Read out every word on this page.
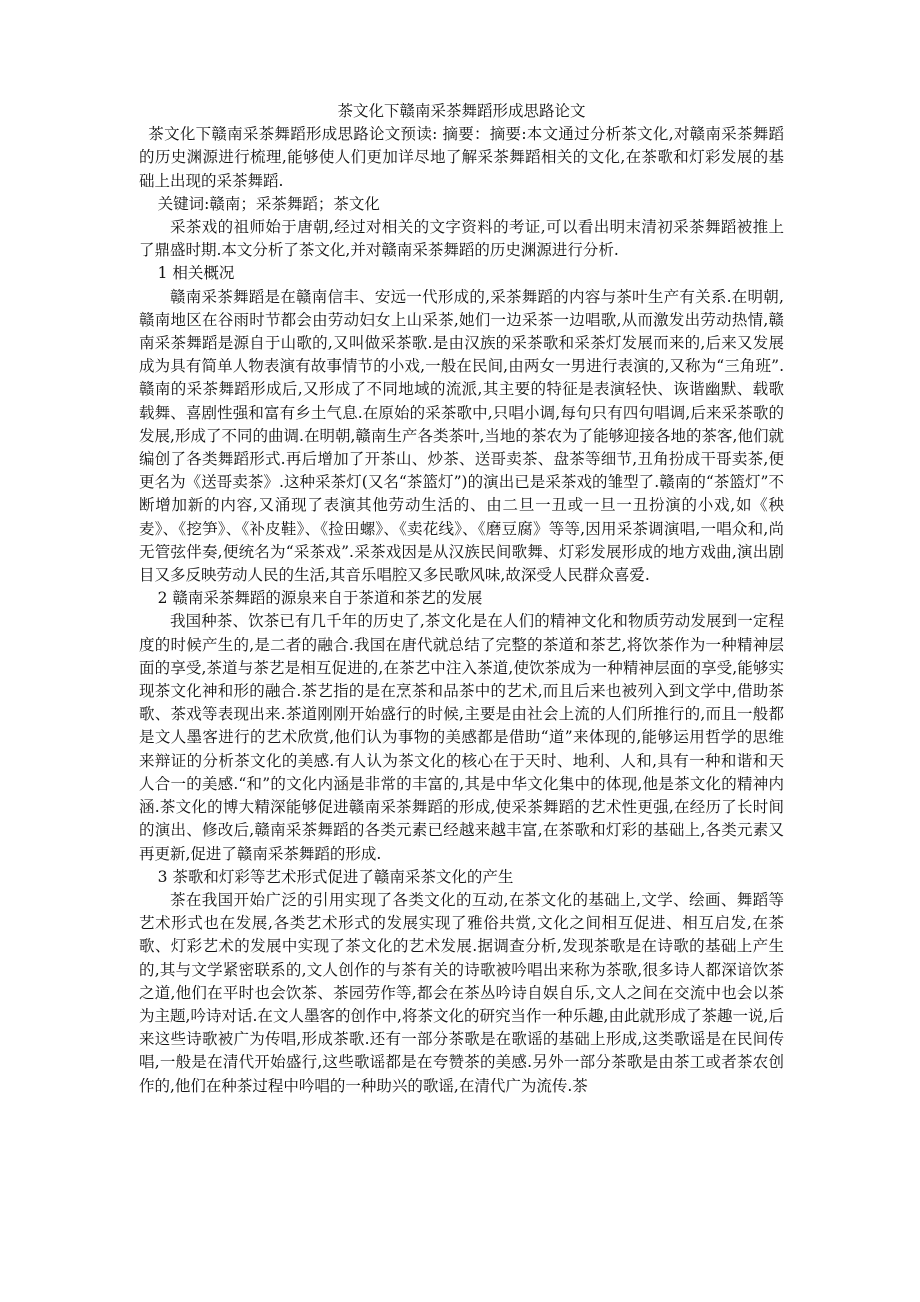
茶文化下赣南采茶舞蹈形成思路论文

茶文化下赣南采茶舞蹈形成思路论文预读: 摘要：摘要:本文通过分析茶文化,对赣南采茶舞蹈的历史渊源进行梳理,能够使人们更加详尽地了解采茶舞蹈相关的文化,在茶歌和灯彩发展的基础上出现的采茶舞蹈.

关键词:赣南；采茶舞蹈；茶文化

采茶戏的祖师始于唐朝,经过对相关的文字资料的考证,可以看出明末清初采茶舞蹈被推上了鼎盛时期.本文分析了茶文化,并对赣南采茶舞蹈的历史渊源进行分析.

1 相关概况

赣南采茶舞蹈是在赣南信丰、安远一代形成的,采茶舞蹈的内容与茶叶生产有关系.在明朝,赣南地区在谷雨时节都会由劳动妇女上山采茶,她们一边采茶一边唱歌,从而激发出劳动热情,赣南采茶舞蹈是源自于山歌的,又叫做采茶歌.是由汉族的采茶歌和采茶灯发展而来的,后来又发展成为具有简单人物表演有故事情节的小戏,一般在民间,由两女一男进行表演的,又称为“三角班”.赣南的采茶舞蹈形成后,又形成了不同地域的流派,其主要的特征是表演轻快、诙谐幽默、载歌载舞、喜剧性强和富有乡土气息.在原始的采茶歌中,只唱小调,每句只有四句唱调,后来采茶歌的发展,形成了不同的曲调.在明朝,赣南生产各类茶叶,当地的茶农为了能够迎接各地的茶客,他们就编创了各类舞蹈形式.再后增加了开茶山、炒茶、送哥卖茶、盘茶等细节,丑角扮成干哥卖茶,便更名为《送哥卖茶》.这种采茶灯(又名“茶篮灯”)的演出已是采茶戏的雏型了.赣南的“茶篮灯”不断增加新的内容,又涌现了表演其他劳动生活的、由二旦一丑或一旦一丑扮演的小戏,如《秧麦》、《挖笋》、《补皮鞋》、《捡田螺》、《卖花线》、《磨豆腐》等等,因用采茶调演唱,一唱众和,尚无管弦伴奏,便统名为“采茶戏”.采茶戏因是从汉族民间歌舞、灯彩发展形成的地方戏曲,演出剧目又多反映劳动人民的生活,其音乐唱腔又多民歌风味,故深受人民群众喜爱.

2 赣南采茶舞蹈的源泉来自于茶道和茶艺的发展

我国种茶、饮茶已有几千年的历史了,茶文化是在人们的精神文化和物质劳动发展到一定程度的时候产生的,是二者的融合.我国在唐代就总结了完整的茶道和茶艺,将饮茶作为一种精神层面的享受,茶道与茶艺是相互促进的,在茶艺中注入茶道,使饮茶成为一种精神层面的享受,能够实现茶文化神和形的融合.茶艺指的是在烹茶和品茶中的艺术,而且后来也被列入到文学中,借助茶歌、茶戏等表现出来.茶道刚刚开始盛行的时候,主要是由社会上流的人们所推行的,而且一般都是文人墨客进行的艺术欣赏,他们认为事物的美感都是借助“道”来体现的,能够运用哲学的思维来辩证的分析茶文化的美感.有人认为茶文化的核心在于天时、地利、人和,具有一种和谐和天人合一的美感.“和”的文化内涵是非常的丰富的,其是中华文化集中的体现,他是茶文化的精神内涵.茶文化的博大精深能够促进赣南采茶舞蹈的形成,使采茶舞蹈的艺术性更强,在经历了长时间的演出、修改后,赣南采茶舞蹈的各类元素已经越来越丰富,在茶歌和灯彩的基础上,各类元素又再更新,促进了赣南采茶舞蹈的形成.

3 茶歌和灯彩等艺术形式促进了赣南采茶文化的产生

茶在我国开始广泛的引用实现了各类文化的互动,在茶文化的基础上,文学、绘画、舞蹈等艺术形式也在发展,各类艺术形式的发展实现了雅俗共赏,文化之间相互促进、相互启发,在茶歌、灯彩艺术的发展中实现了茶文化的艺术发展.据调查分析,发现茶歌是在诗歌的基础上产生的,其与文学紧密联系的,文人创作的与茶有关的诗歌被吟唱出来称为茶歌,很多诗人都深谙饮茶之道,他们在平时也会饮茶、茶园劳作等,都会在茶丛吟诗自娱自乐,文人之间在交流中也会以茶为主题,吟诗对话.在文人墨客的创作中,将茶文化的研究当作一种乐趣,由此就形成了茶趣一说,后来这些诗歌被广为传唱,形成茶歌.还有一部分茶歌是在歌谣的基础上形成,这类歌谣是在民间传唱,一般是在清代开始盛行,这些歌谣都是在夸赞茶的美感.另外一部分茶歌是由茶工或者茶农创作的,他们在种茶过程中吟唱的一种助兴的歌谣,在清代广为流传.茶
